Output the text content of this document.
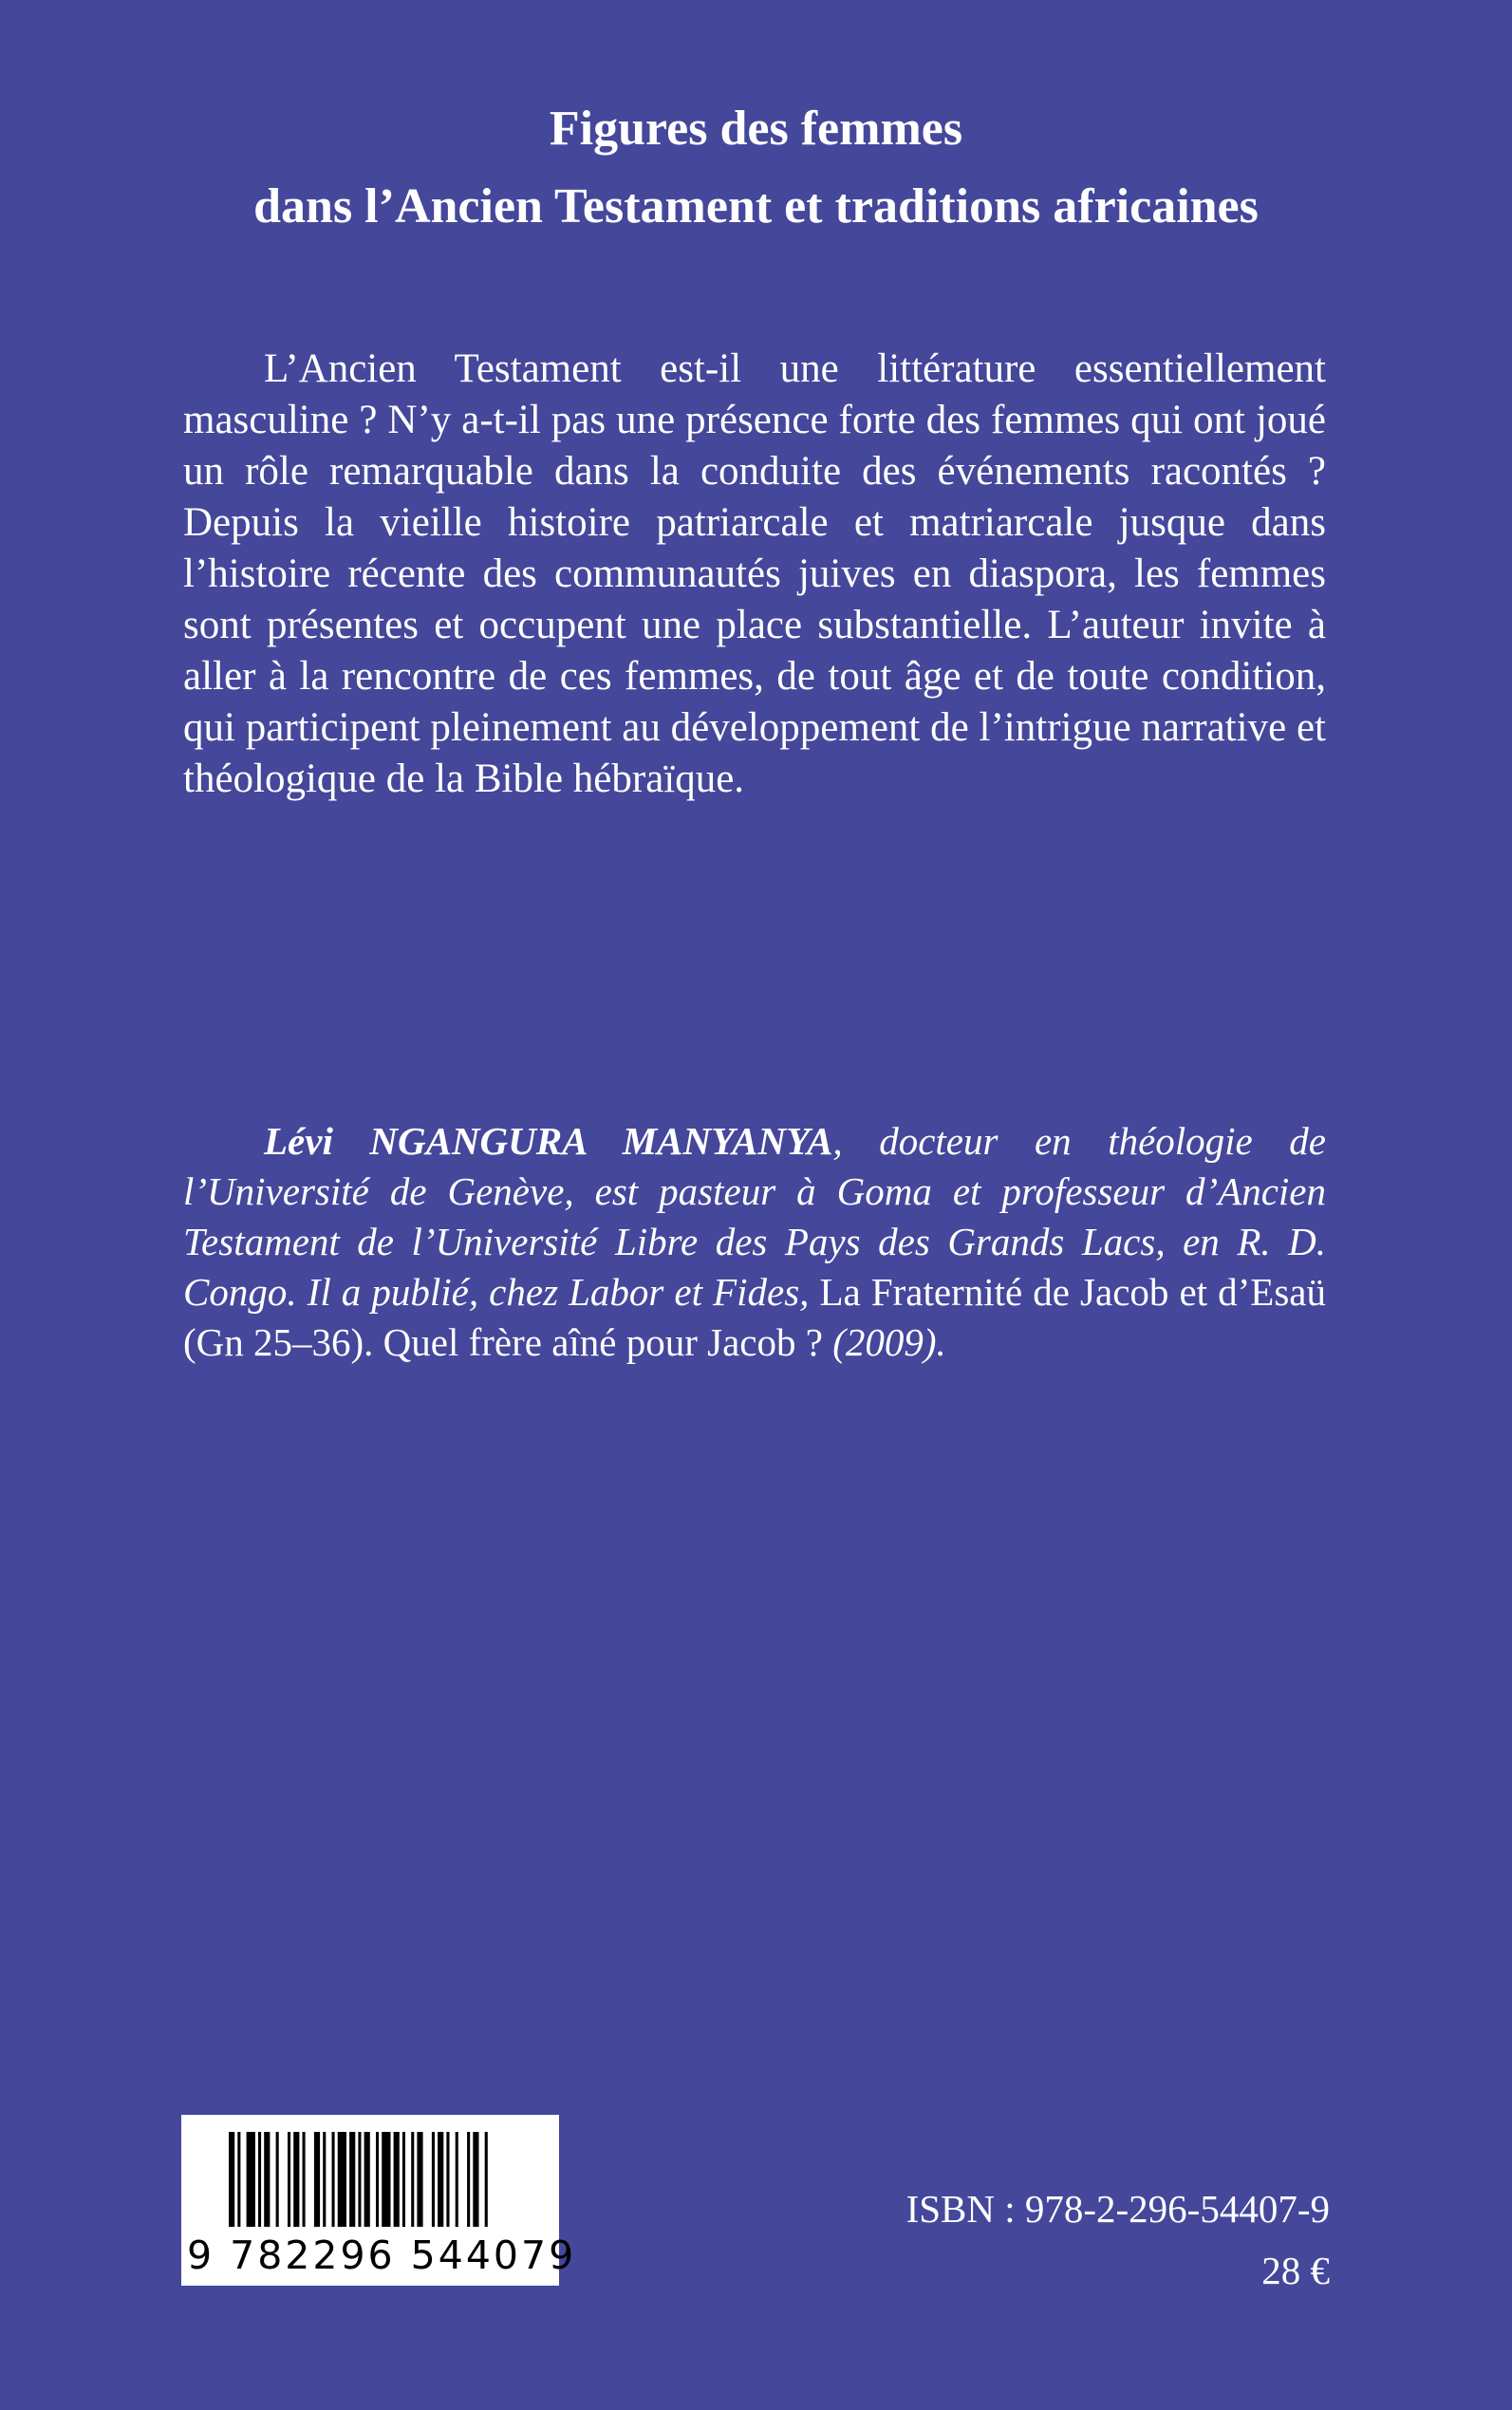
Figures des femmes
dans l’Ancien Testament et traditions africaines

L’Ancien Testament est-il une littérature essentiellement masculine ? N’y a-t-il pas une présence forte des femmes qui ont joué un rôle remarquable dans la conduite des événements racontés ? Depuis la vieille histoire patriarcale et matriarcale jusque dans l’histoire récente des communautés juives en diaspora, les femmes sont présentes et occupent une place substantielle. L’auteur invite à aller à la rencontre de ces femmes, de tout âge et de toute condition, qui participent pleinement au développement de l’intrigue narrative et théologique de la Bible hébraïque.

Lévi NGANGURA MANYANYA, docteur en théologie de l’Université de Genève, est pasteur à Goma et professeur d’Ancien Testament de l’Université Libre des Pays des Grands Lacs, en R. D. Congo. Il a publié, chez Labor et Fides, La Fraternité de Jacob et d’Esaü (Gn 25–36). Quel frère aîné pour Jacob ? (2009).

9 782296 544079
ISBN : 978-2-296-54407-9
28 €
